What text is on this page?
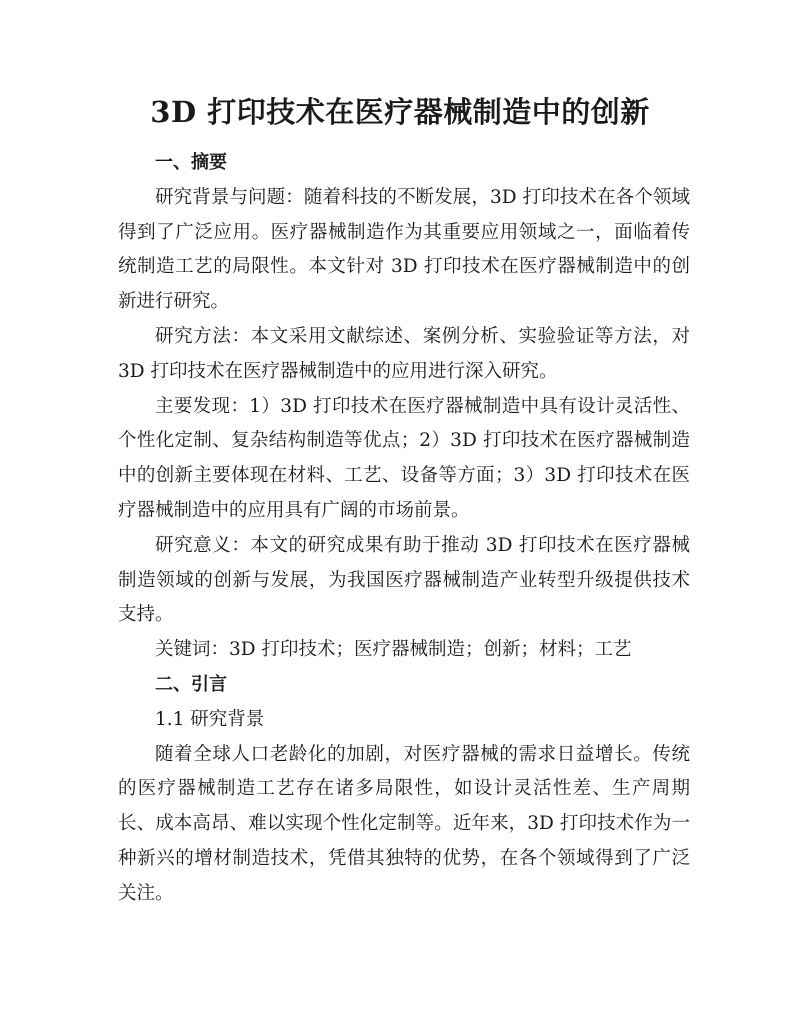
3D 打印技术在医疗器械制造中的创新

一、摘要

研究背景与问题：随着科技的不断发展，3D 打印技术在各个领域得到了广泛应用。医疗器械制造作为其重要应用领域之一，面临着传统制造工艺的局限性。本文针对 3D 打印技术在医疗器械制造中的创新进行研究。

研究方法：本文采用文献综述、案例分析、实验验证等方法，对 3D 打印技术在医疗器械制造中的应用进行深入研究。

主要发现：1）3D 打印技术在医疗器械制造中具有设计灵活性、个性化定制、复杂结构制造等优点；2）3D 打印技术在医疗器械制造中的创新主要体现在材料、工艺、设备等方面；3）3D 打印技术在医疗器械制造中的应用具有广阔的市场前景。

研究意义：本文的研究成果有助于推动 3D 打印技术在医疗器械制造领域的创新与发展，为我国医疗器械制造产业转型升级提供技术支持。

关键词：3D 打印技术；医疗器械制造；创新；材料；工艺

二、引言

1.1 研究背景

随着全球人口老龄化的加剧，对医疗器械的需求日益增长。传统的医疗器械制造工艺存在诸多局限性，如设计灵活性差、生产周期长、成本高昂、难以实现个性化定制等。近年来，3D 打印技术作为一种新兴的增材制造技术，凭借其独特的优势，在各个领域得到了广泛关注。
